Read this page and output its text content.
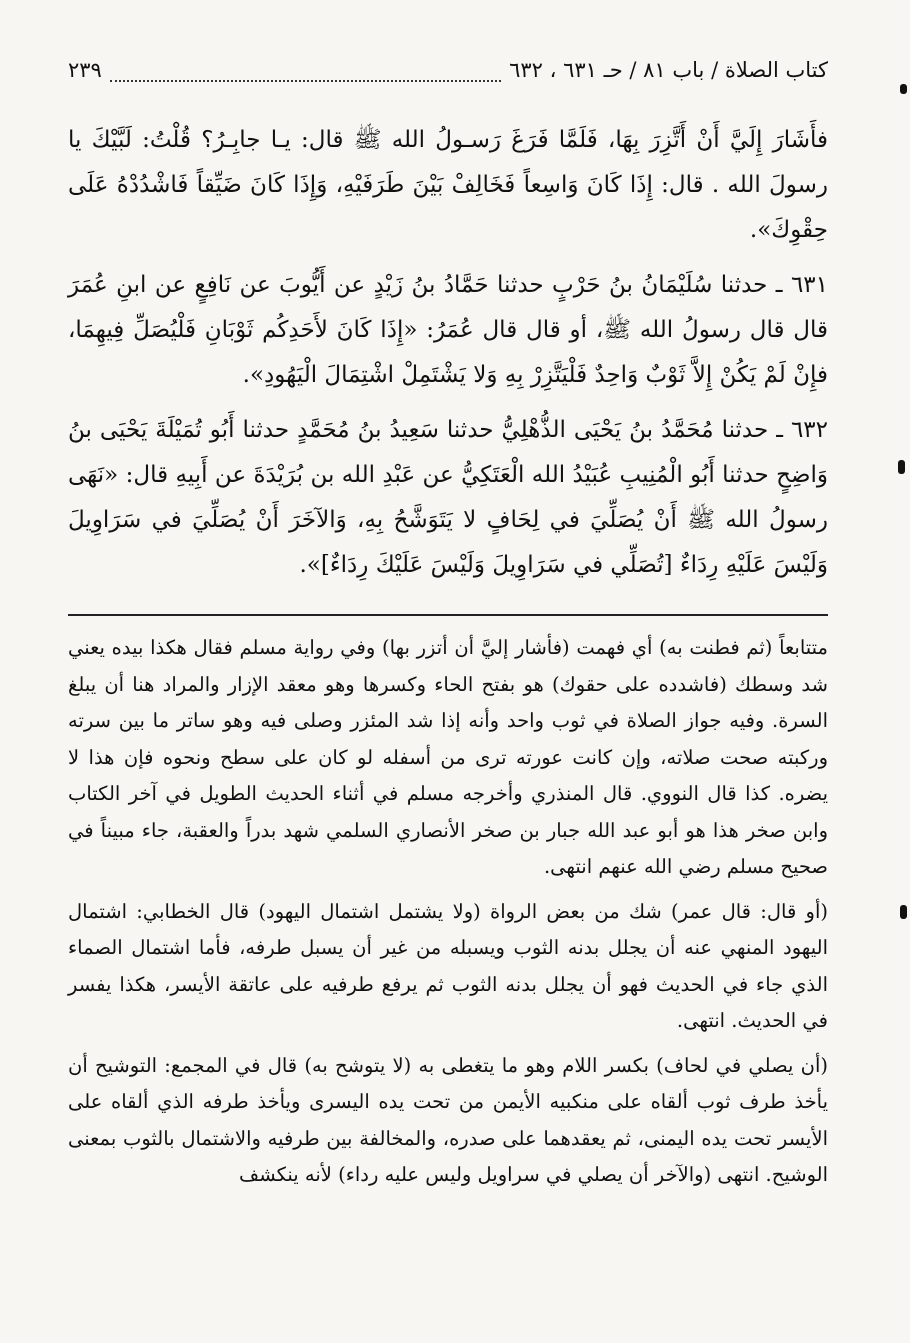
كتاب الصلاة / باب ٨١ / حـ ٦٣١ ، ٦٣٢
٢٣٩

فأَشَارَ إِلَيَّ أَنْ أَتَّزِرَ بِهَا، فَلَمَّا فَرَغَ رَسـولُ الله ﷺ قال: يـا جابِـرُ؟ قُلْتُ: لَبَّيْكَ يا رسولَ الله . قال: إِذَا كَانَ وَاسِعاً فَخَالِفْ بَيْنَ طَرَفَيْهِ، وَإِذَا كَانَ ضَيِّقاً فَاشْدُدْهُ عَلَى حِقْوِكَ».

٦٣١ ـ حدثنا سُلَيْمَانُ بنُ حَرْبٍ حدثنا حَمَّادُ بنُ زَيْدٍ عن أَيُّوبَ عن نَافِعٍ عن ابنِ عُمَرَ قال قال رسولُ الله ﷺ، أو قال قال عُمَرُ: «إِذَا كَانَ لأَحَدِكُم ثَوْبَانِ فَلْيُصَلِّ فِيهِمَا، فإِنْ لَمْ يَكُنْ إِلاَّ ثَوْبٌ وَاحِدٌ فَلْيَتَّزِرْ بِهِ وَلا يَشْتَمِلْ اشْتِمَالَ الْيَهُودِ».

٦٣٢ ـ حدثنا مُحَمَّدُ بنُ يَحْيَى الذُّهْلِيُّ حدثنا سَعِيدُ بنُ مُحَمَّدٍ حدثنا أَبُو تُمَيْلَةَ يَحْيَى بنُ وَاضِحٍ حدثنا أَبُو الْمُنِيبِ عُبَيْدُ الله الْعَتَكِيُّ عن عَبْدِ الله بن بُرَيْدَةَ عن أَبِيهِ قال: «نَهَى رسولُ الله ﷺ أَنْ يُصَلِّيَ في لِحَافٍ لا يَتَوَشَّحُ بِهِ، وَالآخَرَ أَنْ يُصَلِّيَ في سَرَاوِيلَ وَلَيْسَ عَلَيْهِ رِدَاءٌ [تُصَلِّي في سَرَاوِيلَ وَلَيْسَ عَلَيْكَ رِدَاءٌ]».

متتابعاً (ثم فطنت به) أي فهمت (فأشار إليَّ أن أتزر بها) وفي رواية مسلم فقال هكذا بيده يعني شد وسطك (فاشدده على حقوك) هو بفتح الحاء وكسرها وهو معقد الإزار والمراد هنا أن يبلغ السرة. وفيه جواز الصلاة في ثوب واحد وأنه إذا شد المئزر وصلى فيه وهو ساتر ما بين سرته وركبته صحت صلاته، وإن كانت عورته ترى من أسفله لو كان على سطح ونحوه فإن هذا لا يضره. كذا قال النووي. قال المنذري وأخرجه مسلم في أثناء الحديث الطويل في آخر الكتاب وابن صخر هذا هو أبو عبد الله جبار بن صخر الأنصاري السلمي شهد بدراً والعقبة، جاء مبيناً في صحيح مسلم رضي الله عنهم انتهى.

(أو قال: قال عمر) شك من بعض الرواة (ولا يشتمل اشتمال اليهود) قال الخطابي: اشتمال اليهود المنهي عنه أن يجلل بدنه الثوب ويسبله من غير أن يسبل طرفه، فأما اشتمال الصماء الذي جاء في الحديث فهو أن يجلل بدنه الثوب ثم يرفع طرفيه على عاتقة الأيسر، هكذا يفسر في الحديث. انتهى.

(أن يصلي في لحاف) بكسر اللام وهو ما يتغطى به (لا يتوشح به) قال في المجمع: التوشيح أن يأخذ طرف ثوب ألقاه على منكبيه الأيمن من تحت يده اليسرى ويأخذ طرفه الذي ألقاه على الأيسر تحت يده اليمنى، ثم يعقدهما على صدره، والمخالفة بين طرفيه والاشتمال بالثوب بمعنى الوشيح. انتهى (والآخر أن يصلي في سراويل وليس عليه رداء) لأنه ينكشف
